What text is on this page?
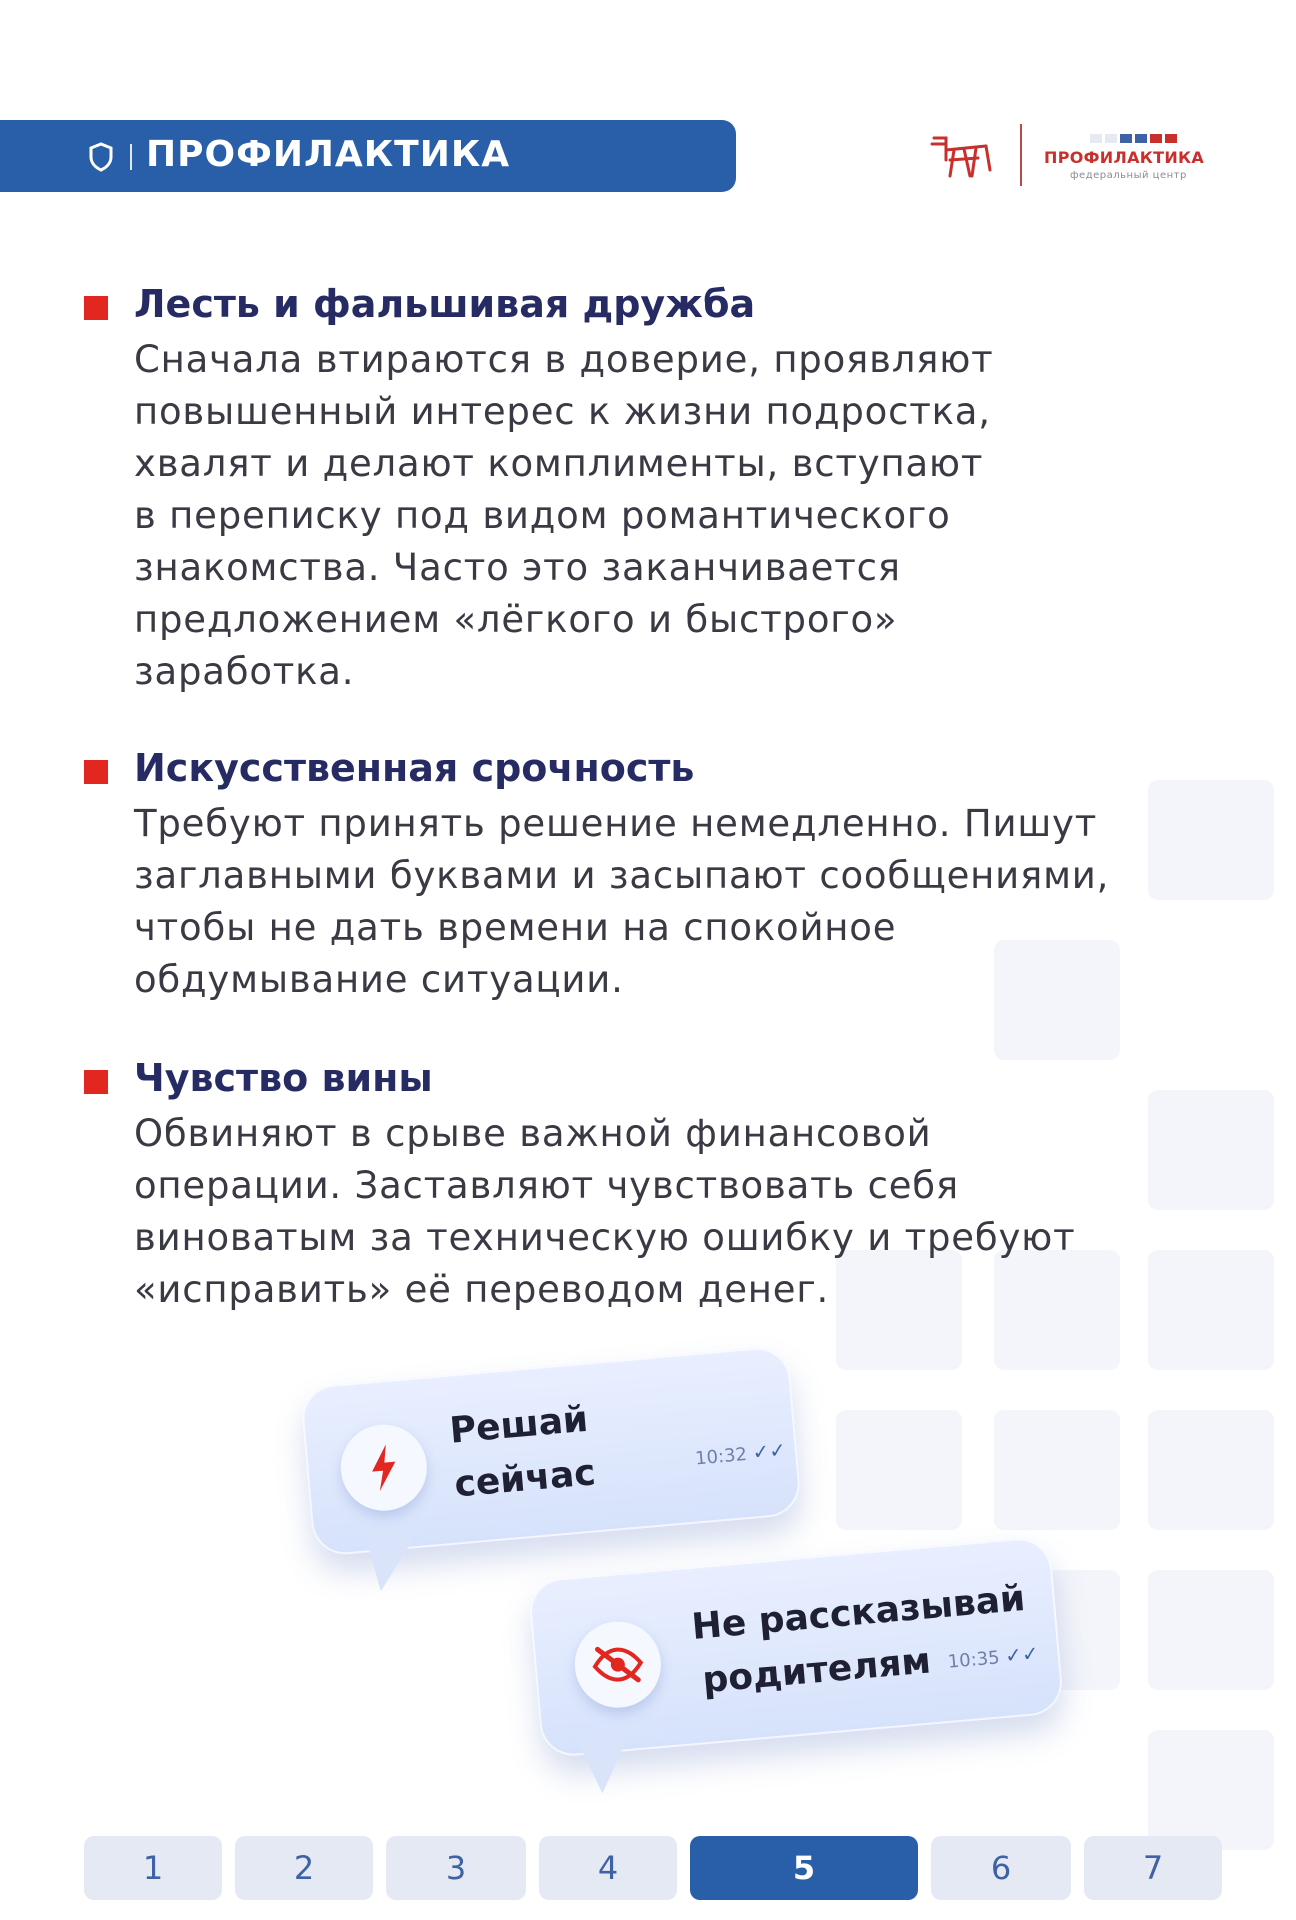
ПРОФИЛАКТИКА	ПРОФИЛАКТИКА
федеральный центр
Лесть и фальшивая дружба
Сначала втираются в доверие, проявляют
повышенный интерес к жизни подростка,
хвалят и делают комплименты, вступают
в переписку под видом романтического
знакомства. Часто это заканчивается
предложением «лёгкого и быстрого»
заработка.
Искусственная срочность
Требуют принять решение немедленно. Пишут
заглавными буквами и засыпают сообщениями,
чтобы не дать времени на спокойное
обдумывание ситуации.
Чувство вины
Обвиняют в срыве важной финансовой
операции. Заставляют чувствовать себя
виноватым за техническую ошибку и требуют
«исправить» её переводом денег.
Решай
сейчас	10:32 ✓✓
Не рассказывай
родителям 10:35 ✓✓
1	2	3	4	5	6	7
